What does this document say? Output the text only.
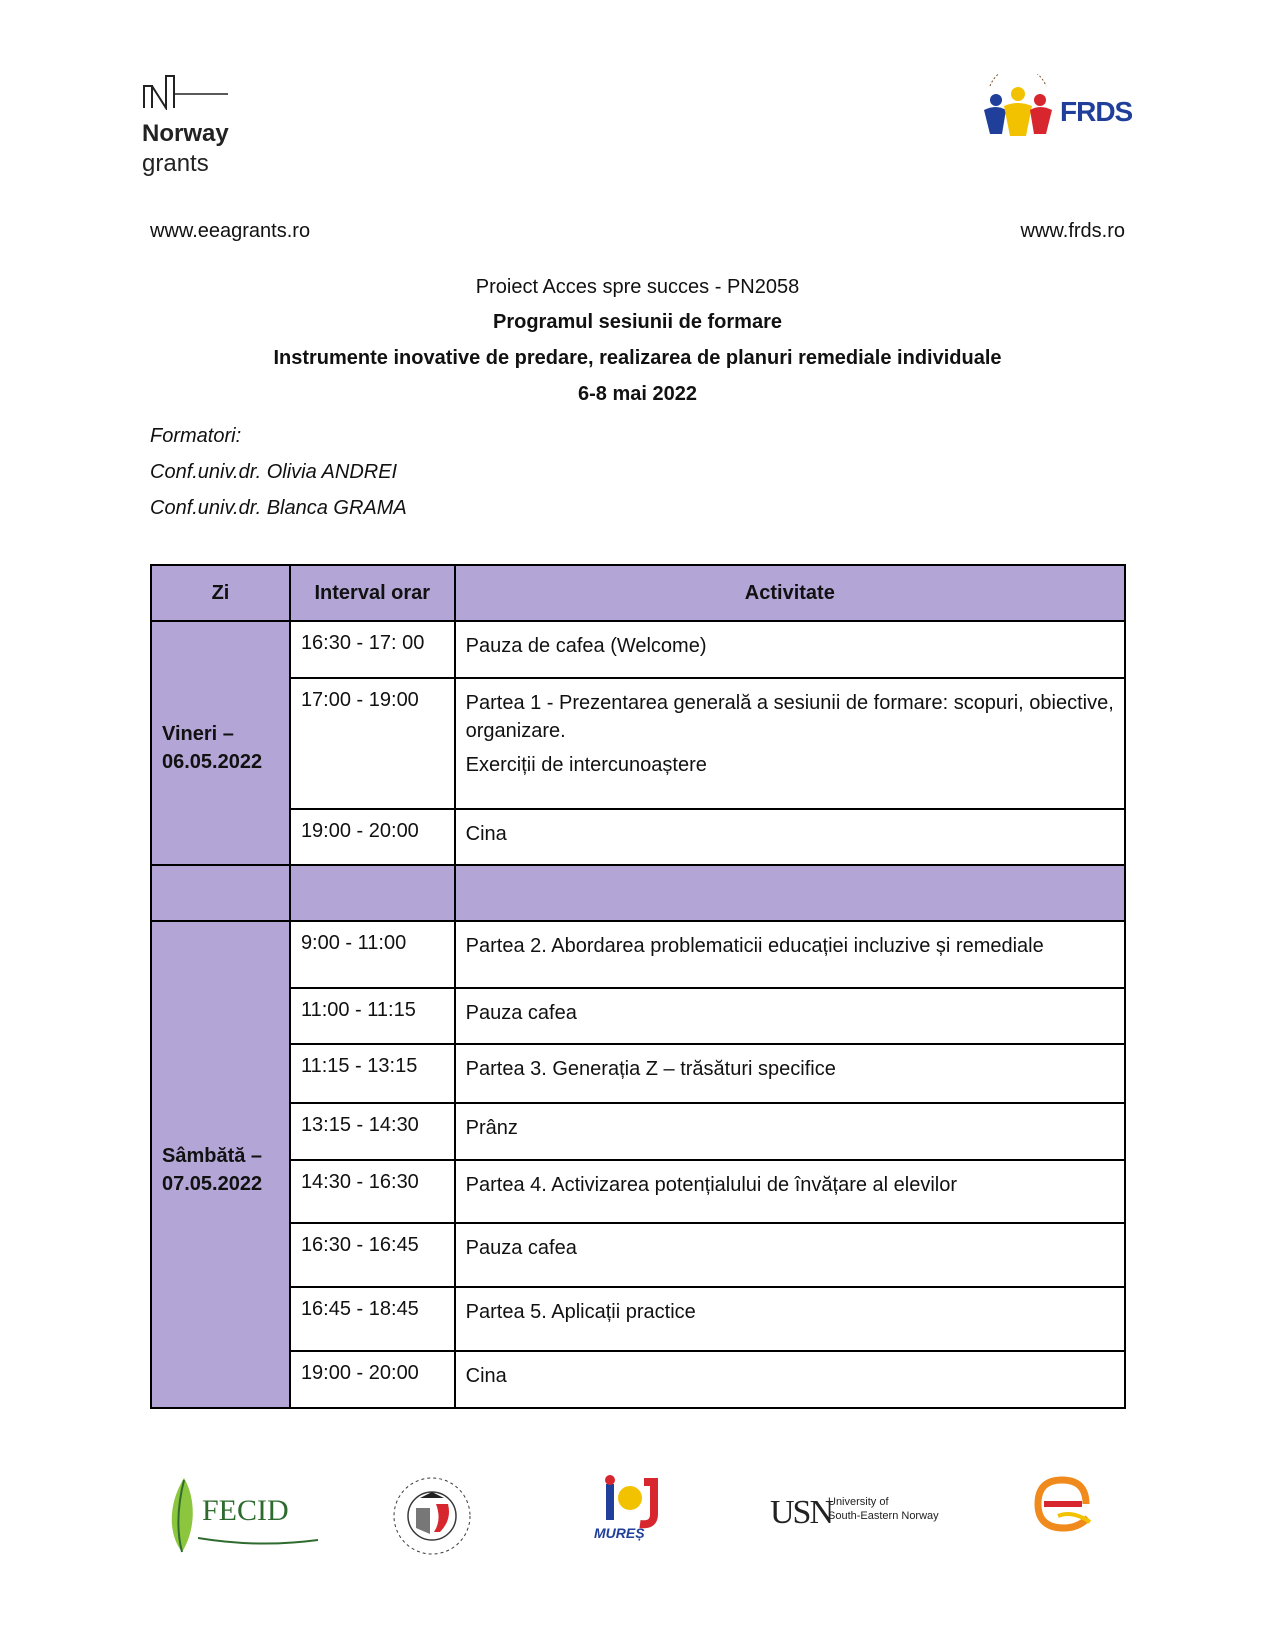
Norway
grants
FRDS
www.eeagrants.ro	www.frds.ro
Proiect Acces spre succes - PN2058
Programul sesiunii de formare
Instrumente inovative de predare, realizarea de planuri remediale individuale
6-8 mai 2022
Formatori:
Conf.univ.dr. Olivia ANDREI
Conf.univ.dr. Blanca GRAMA
Zi	Interval orar	Activitate

Vineri –
06.05.2022	16:30 - 17: 00	Pauza de cafea (Welcome)

	17:00 - 19:00	Partea 1 - Prezentarea generală a sesiunii de formare: scopuri, obiective, organizare.
Exerciții de intercunoaștere

	19:00 - 20:00	Cina

Sâmbătă –
07.05.2022	9:00 - 11:00	Partea 2. Abordarea problematicii educației incluzive și remediale

	11:00 - 11:15	Pauza cafea

	11:15 - 13:15	Partea 3. Generația Z – trăsături specifice

	13:15 - 14:30	Prânz

	14:30 - 16:30	Partea 4. Activizarea potențialului de învățare al elevilor

	16:30 - 16:45	Pauza cafea

	16:45 - 18:45	Partea 5. Aplicații practice

	19:00 - 20:00	Cina
FECID
MUREȘ
USN
University of
South-Eastern Norway
